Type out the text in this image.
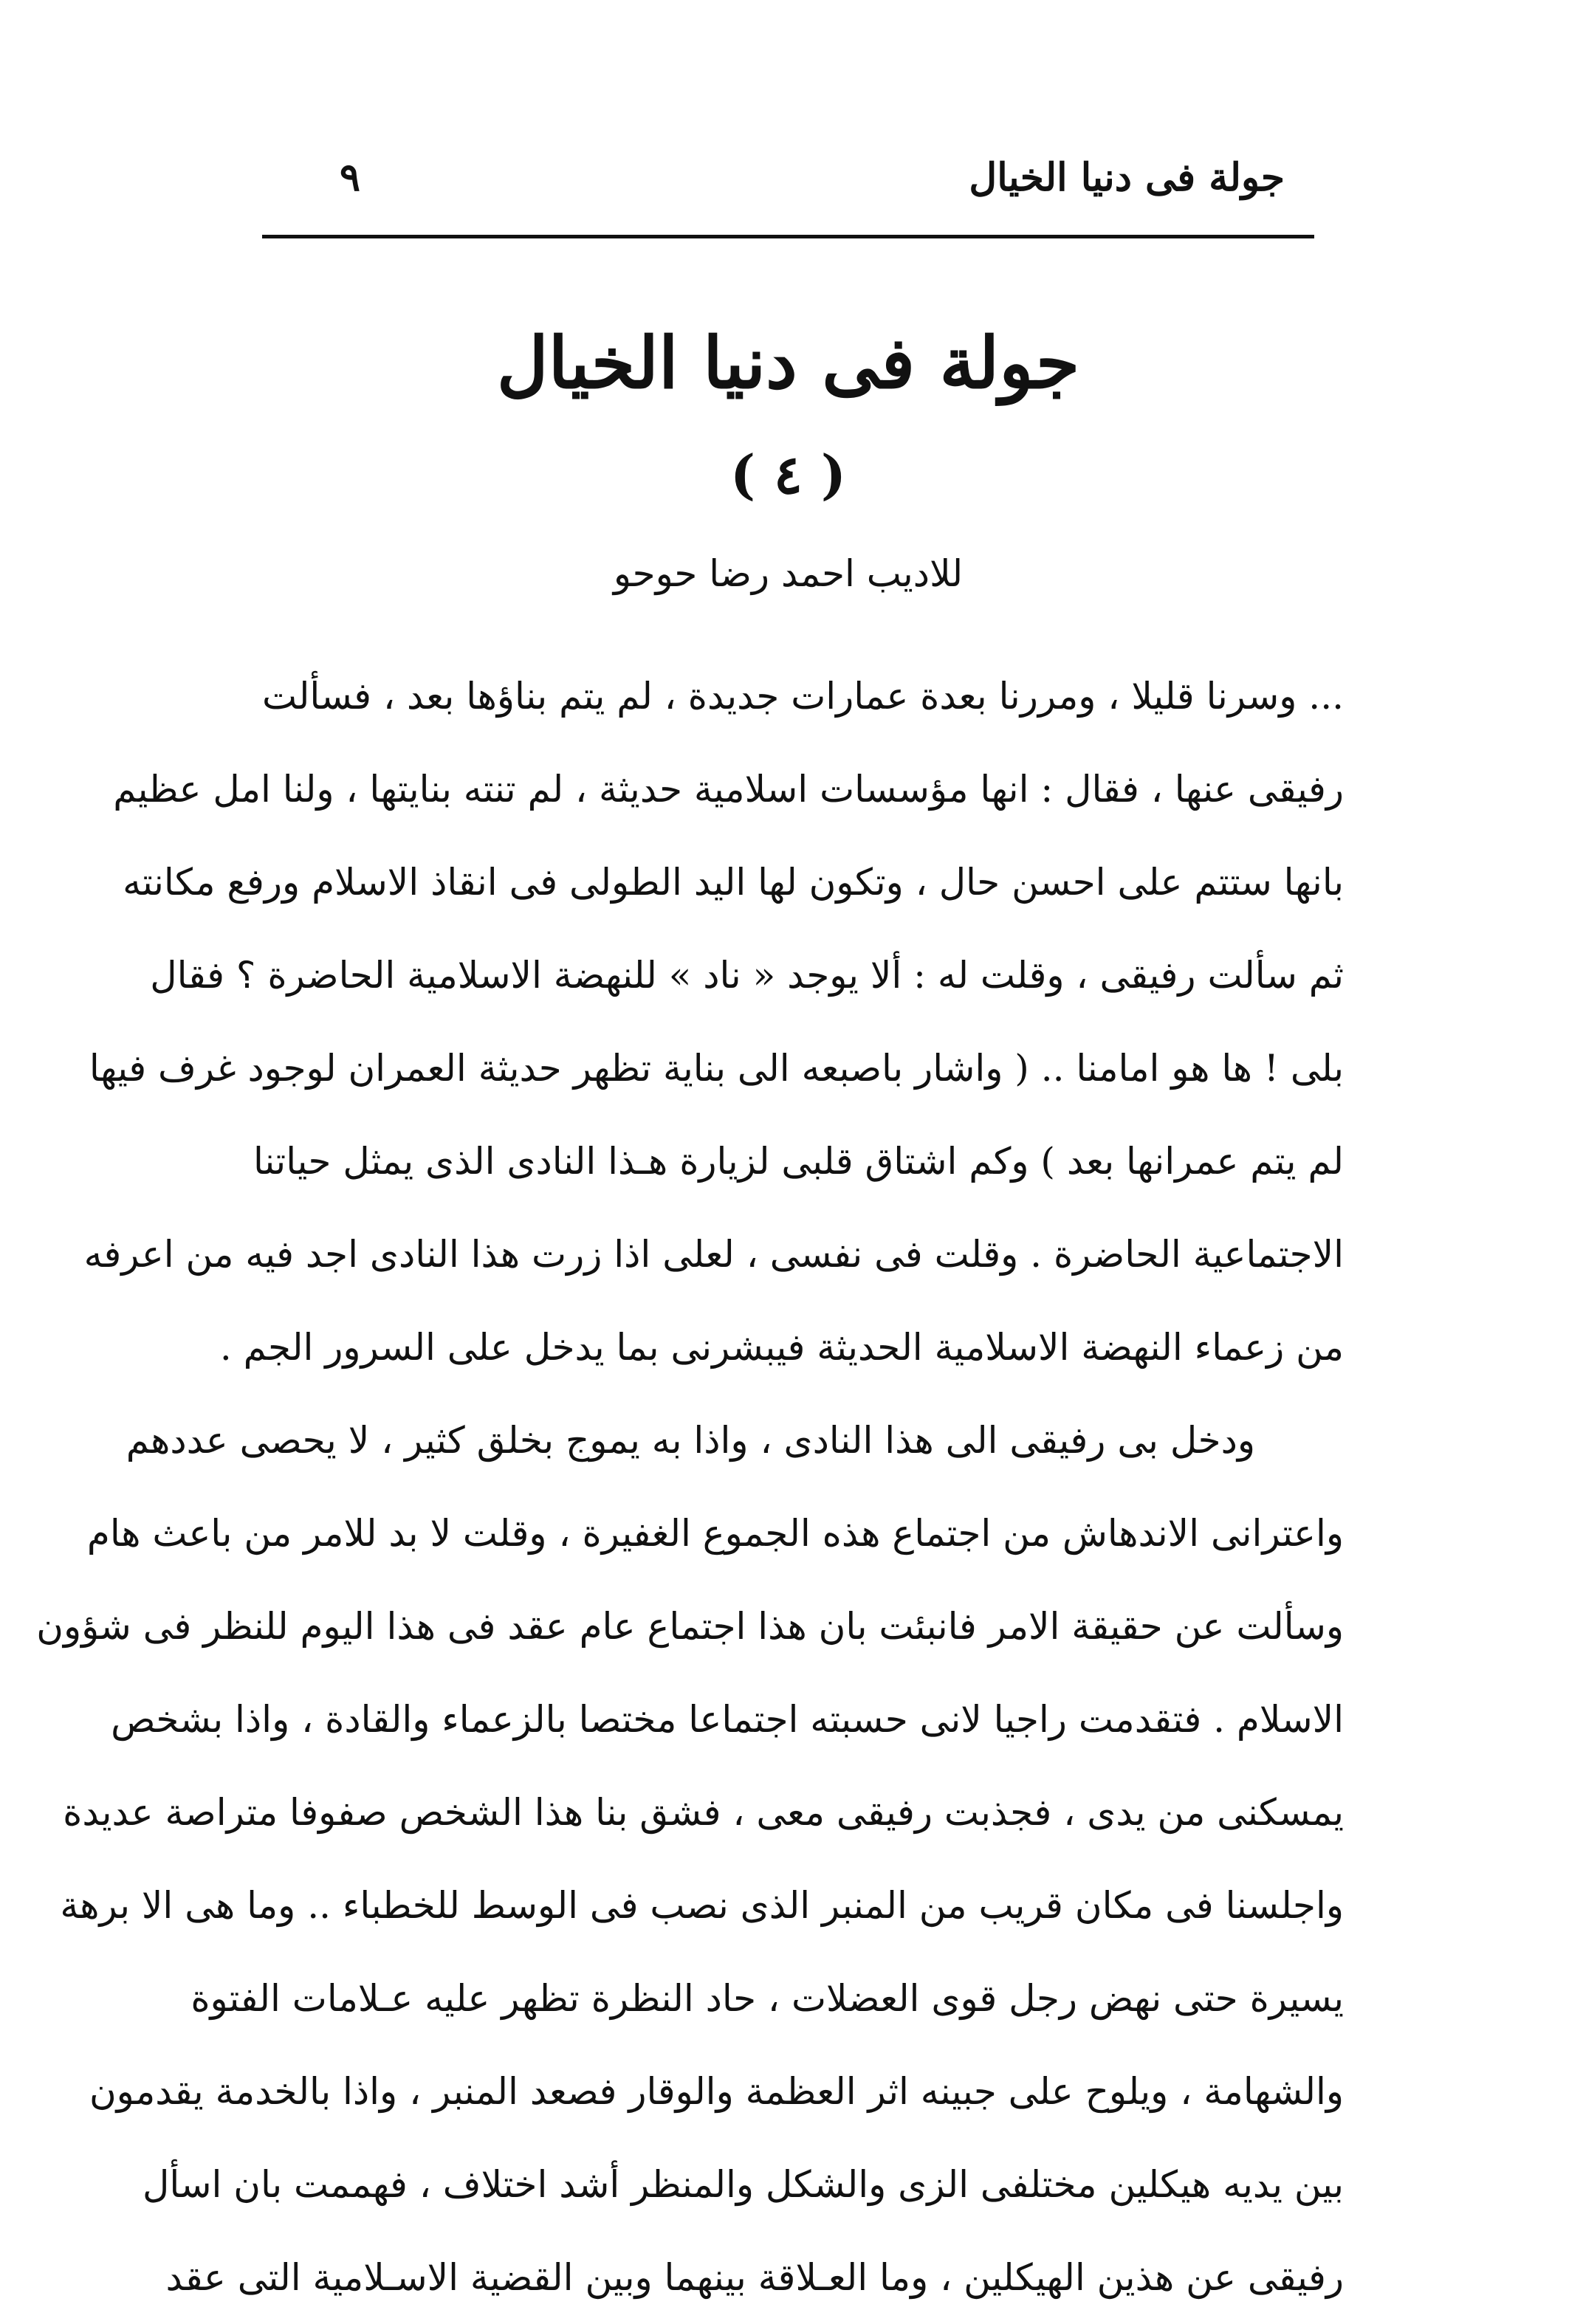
جولة فى دنيا الخيال
٩
جولة فى دنيا الخيال
( ٤ )
للاديب احمد رضا حوحو
... وسرنا قليلا ، ومررنا بعدة عمارات جديدة ، لم يتم بناؤها بعد ، فسألت
رفيقى عنها ، فقال : انها مؤسسات اسلامية حديثة ، لم تنته بنايتها ، ولنا امل عظيم
بانها ستتم على احسن حال ، وتكون لها اليد الطولى فى انقاذ الاسلام ورفع مكانته
ثم سألت رفيقى ، وقلت له : ألا يوجد « ناد » للنهضة الاسلامية الحاضرة ؟ فقال
بلى ! ها هو امامنا .. ( واشار باصبعه الى بناية تظهر حديثة العمران لوجود غرف فيها
لم يتم عمرانها بعد ) وكم اشتاق قلبى لزيارة هـذا النادى الذى يمثل حياتنا
الاجتماعية الحاضرة . وقلت فى نفسى ، لعلى اذا زرت هذا النادى اجد فيه من اعرفه
من زعماء النهضة الاسلامية الحديثة فيبشرنى بما يدخل على السرور الجم .
ودخل بى رفيقى الى هذا النادى ، واذا به يموج بخلق كثير ، لا يحصى عددهم
واعترانى الاندهاش من اجتماع هذه الجموع الغفيرة ، وقلت لا بد للامر من باعث هام
وسألت عن حقيقة الامر فانبئت بان هذا اجتماع عام عقد فى هذا اليوم للنظر فى شؤون
الاسلام . فتقدمت راجيا لانى حسبته اجتماعا مختصا بالزعماء والقادة ، واذا بشخص
يمسكنى من يدى ، فجذبت رفيقى معى ، فشق بنا هذا الشخص صفوفا متراصة عديدة
واجلسنا فى مكان قريب من المنبر الذى نصب فى الوسط للخطباء .. وما هى الا برهة
يسيرة حتى نهض رجل قوى العضلات ، حاد النظرة تظهر عليه عـلامات الفتوة
والشهامة ، ويلوح على جبينه اثر العظمة والوقار فصعد المنبر ، واذا بالخدمة يقدمون
بين يديه هيكلين مختلفى الزى والشكل والمنظر أشد اختلاف ، فهممت بان اسأل
رفيقى عن هذين الهيكلين ، وما العـلاقة بينهما وبين القضية الاسـلامية التى عقد
